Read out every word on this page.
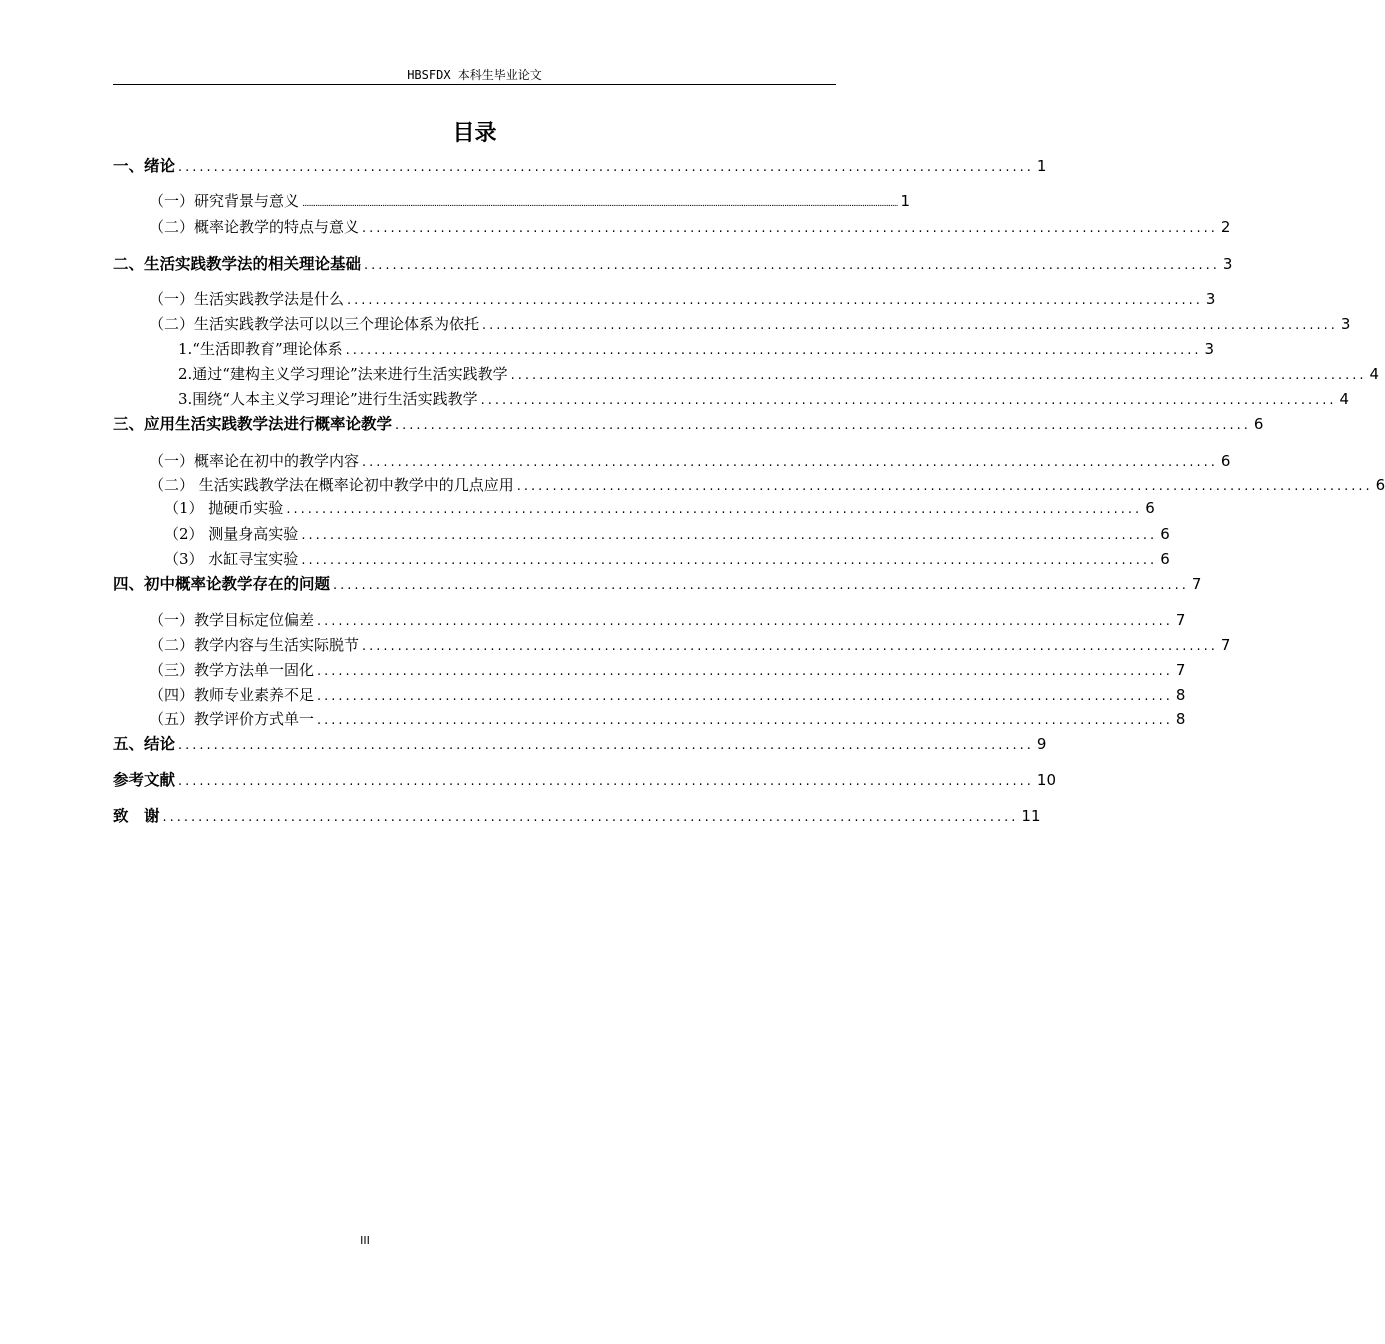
HBSFDX 本科生毕业论文
目录
一、绪论 ........................................................................................................................ 1
（一）研究背景与意义 ................................................................................................................................................................................................................................................................................................................................ 1
（二）概率论教学的特点与意义 ........................................................................................................................ 2
二、生活实践教学法的相关理论基础 ........................................................................................................................ 3
（一）生活实践教学法是什么 ........................................................................................................................ 3
（二）生活实践教学法可以以三个理论体系为依托 ........................................................................................................................ 3
1.“生活即教育”理论体系 ........................................................................................................................ 3
2.通过“建构主义学习理论”法来进行生活实践教学 ........................................................................................................................ 4
3.围绕“人本主义学习理论”进行生活实践教学 ........................................................................................................................ 4
三、应用生活实践教学法进行概率论教学 ........................................................................................................................ 6
（一）概率论在初中的教学内容 ........................................................................................................................ 6
（二） 生活实践教学法在概率论初中教学中的几点应用 ........................................................................................................................ 6
（1） 抛硬币实验 ........................................................................................................................ 6
（2） 测量身高实验 ........................................................................................................................ 6
（3） 水缸寻宝实验 ........................................................................................................................ 6
四、初中概率论教学存在的问题 ........................................................................................................................ 7
（一）教学目标定位偏差 ........................................................................................................................ 7
（二）教学内容与生活实际脱节 ........................................................................................................................ 7
（三）教学方法单一固化 ........................................................................................................................ 7
（四）教师专业素养不足 ........................................................................................................................ 8
（五）教学评价方式单一 ........................................................................................................................ 8
五、结论 ........................................................................................................................ 9
参考文献 ........................................................................................................................ 10
致　谢 ........................................................................................................................ 11
III
